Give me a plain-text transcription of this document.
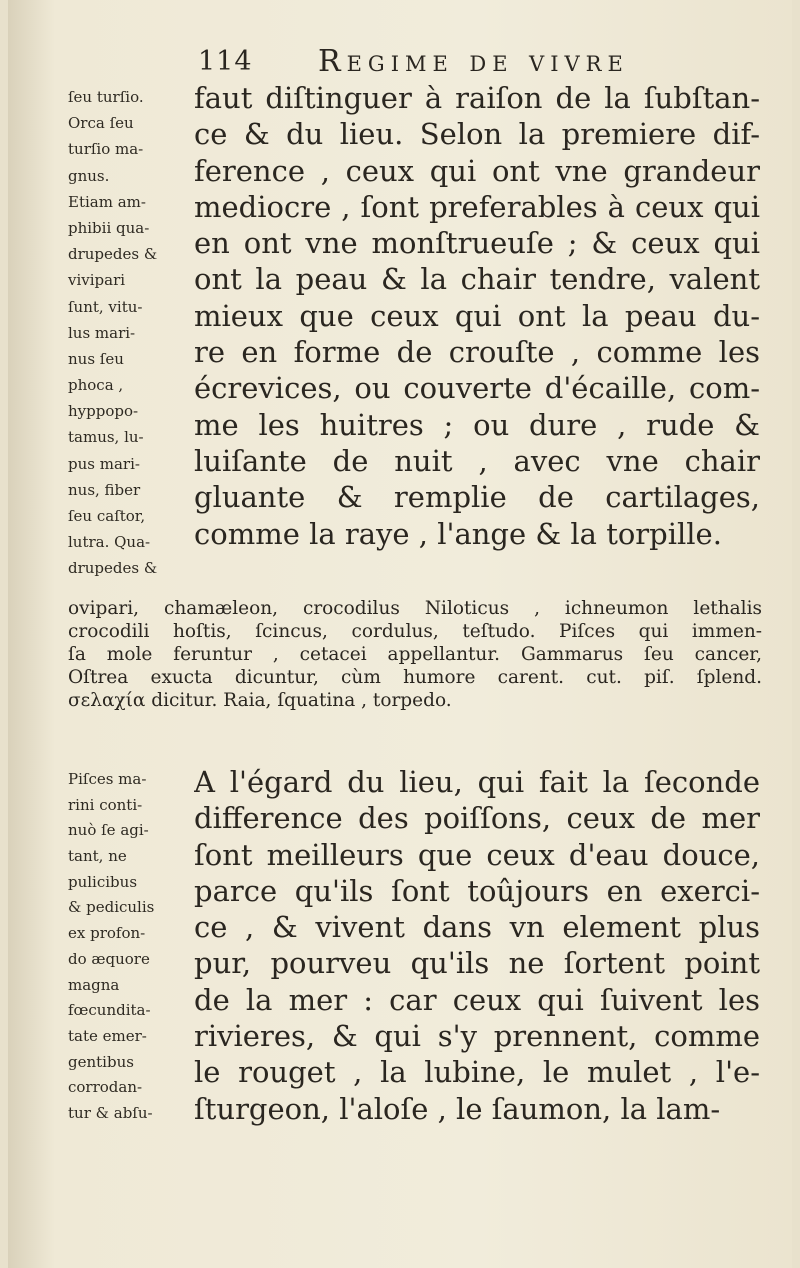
114 Regime de vivre
ſeu turſio.
Orca ſeu
turſio ma-
gnus.
Etiam am-
phibii qua-
drupedes &
vivipari
ſunt, vitu-
lus mari-
nus ſeu
phoca ,
hyppopo-
tamus, lu-
pus mari-
nus, fiber
ſeu caſtor,
lutra. Qua-
drupedes &
faut diſtinguer à raiſon de la ſubſtan-
ce & du lieu. Selon la premiere dif-
ference , ceux qui ont vne grandeur
mediocre , ſont preferables à ceux qui
en ont vne monſtrueuſe ; & ceux qui
ont la peau & la chair tendre, valent
mieux que ceux qui ont la peau du-
re en forme de crouſte , comme les
écrevices, ou couverte d'écaille, com-
me les huitres ; ou dure , rude &
luiſante de nuit , avec vne chair
gluante & remplie de cartilages,
comme la raye , l'ange & la torpille.
ovipari, chamæleon, crocodilus Niloticus , ichneumon lethalis
crocodili hoſtis, ſcincus, cordulus, teſtudo. Piſces qui immen-
ſa mole feruntur , cetacei appellantur. Gammarus ſeu cancer,
Oſtrea exucta dicuntur, cùm humore carent. cut. piſ. ſplend.
σελαχία dicitur. Raia, ſquatina , torpedo.
Piſces ma-
rini conti-
nuò ſe agi-
tant, ne
pulicibus
& pediculis
ex profon-
do æquore
magna
fœcundita-
tate emer-
gentibus
corrodan-
tur & abſu-
A l'égard du lieu, qui fait la ſeconde
difference des poiſſons, ceux de mer
ſont meilleurs que ceux d'eau douce,
parce qu'ils ſont toûjours en exerci-
ce , & vivent dans vn element plus
pur, pourveu qu'ils ne ſortent point
de la mer : car ceux qui ſuivent les
rivieres, & qui s'y prennent, comme
le rouget , la lubine, le mulet , l'e-
ſturgeon, l'aloſe , le ſaumon, la lam-
